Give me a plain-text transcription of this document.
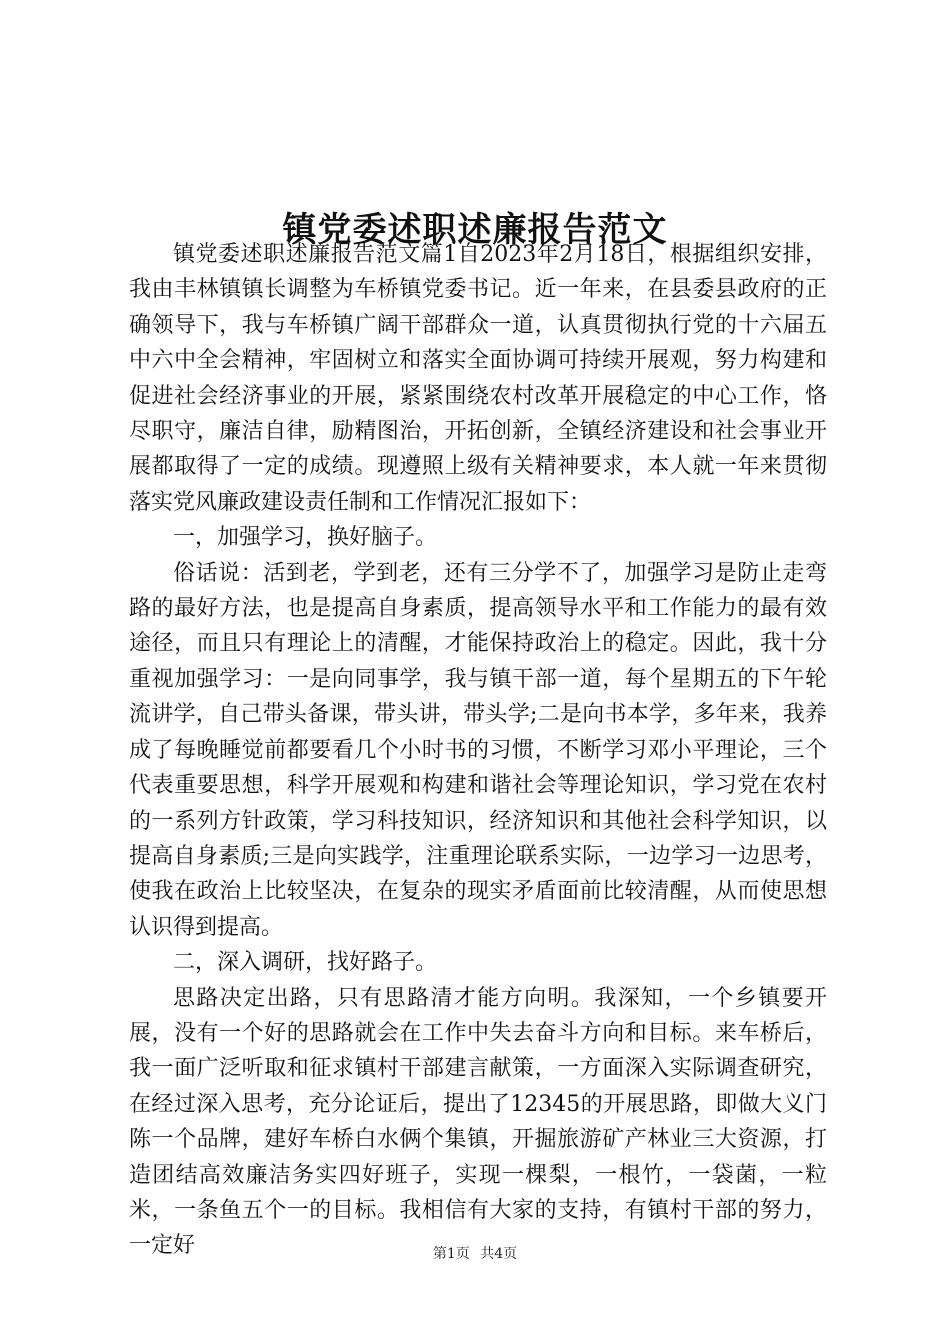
镇党委述职述廉报告范文

镇党委述职述廉报告范文篇1自2023年2月18日，根据组织安排，我由丰林镇镇长调整为车桥镇党委书记。近一年来，在县委县政府的正确领导下，我与车桥镇广阔干部群众一道，认真贯彻执行党的十六届五中六中全会精神，牢固树立和落实全面协调可持续开展观，努力构建和促进社会经济事业的开展，紧紧围绕农村改革开展稳定的中心工作，恪尽职守，廉洁自律，励精图治，开拓创新，全镇经济建设和社会事业开展都取得了一定的成绩。现遵照上级有关精神要求，本人就一年来贯彻落实党风廉政建设责任制和工作情况汇报如下：

一，加强学习，换好脑子。

俗话说：活到老，学到老，还有三分学不了，加强学习是防止走弯路的最好方法，也是提高自身素质，提高领导水平和工作能力的最有效途径，而且只有理论上的清醒，才能保持政治上的稳定。因此，我十分重视加强学习：一是向同事学，我与镇干部一道，每个星期五的下午轮流讲学，自己带头备课，带头讲，带头学;二是向书本学，多年来，我养成了每晚睡觉前都要看几个小时书的习惯，不断学习邓小平理论，三个代表重要思想，科学开展观和构建和谐社会等理论知识，学习党在农村的一系列方针政策，学习科技知识，经济知识和其他社会科学知识，以提高自身素质;三是向实践学，注重理论联系实际，一边学习一边思考，使我在政治上比较坚决，在复杂的现实矛盾面前比较清醒，从而使思想认识得到提高。

二，深入调研，找好路子。

思路决定出路，只有思路清才能方向明。我深知，一个乡镇要开展，没有一个好的思路就会在工作中失去奋斗方向和目标。来车桥后，我一面广泛听取和征求镇村干部建言献策，一方面深入实际调查研究，在经过深入思考，充分论证后，提出了12345的开展思路，即做大义门陈一个品牌，建好车桥白水俩个集镇，开掘旅游矿产林业三大资源，打造团结高效廉洁务实四好班子，实现一棵梨，一根竹，一袋菌，一粒米，一条鱼五个一的目标。我相信有大家的支持，有镇村干部的努力，一定好	第1页 共4页
